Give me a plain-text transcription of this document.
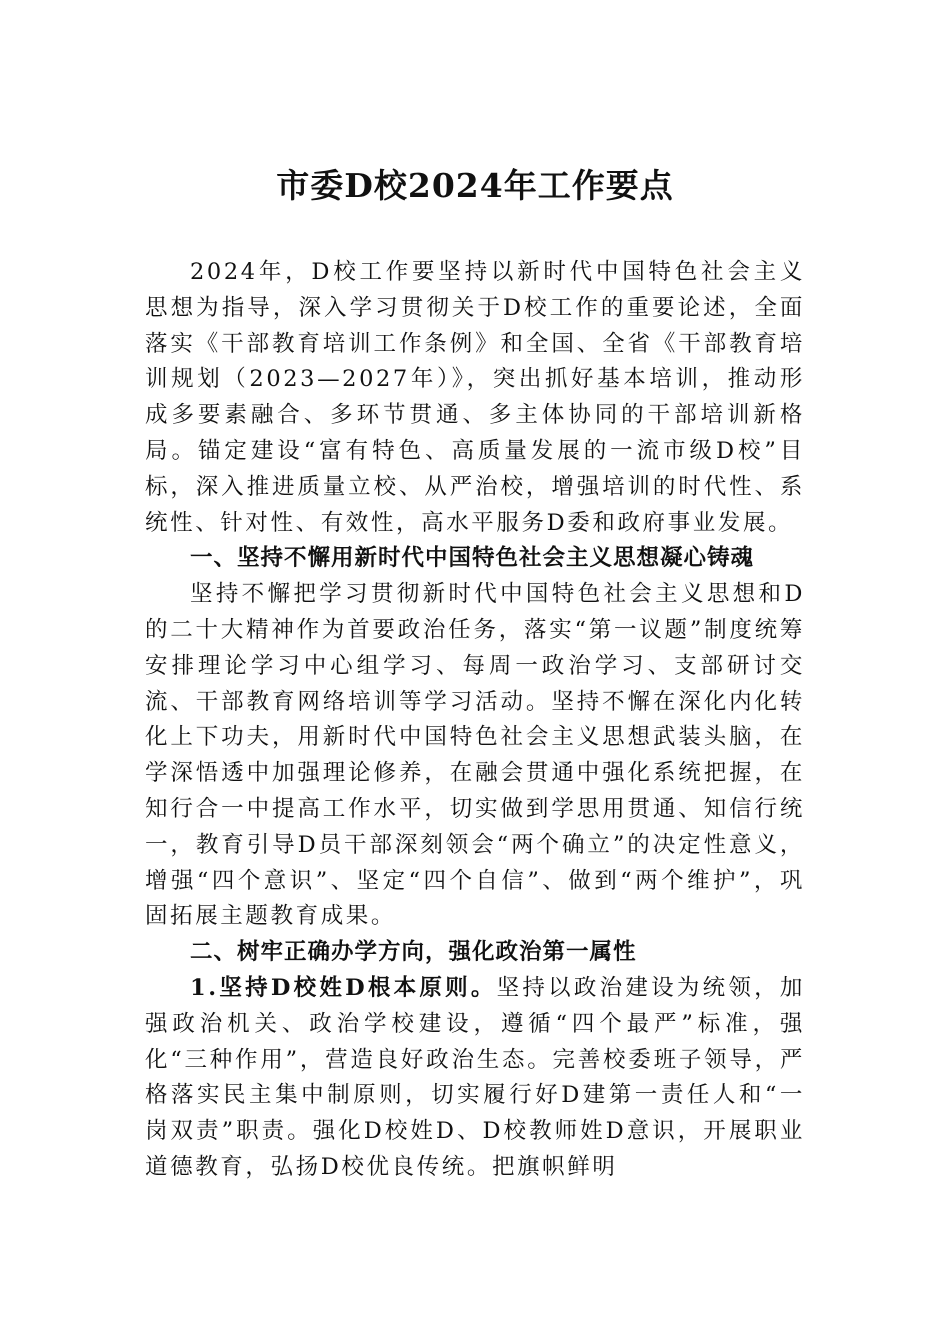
市委D校2024年工作要点

2024年，D校工作要坚持以新时代中国特色社会主义思想为指导，深入学习贯彻关于D校工作的重要论述，全面落实《干部教育培训工作条例》和全国、全省《干部教育培训规划（2023—2027年）》，突出抓好基本培训，推动形成多要素融合、多环节贯通、多主体协同的干部培训新格局。锚定建设“富有特色、高质量发展的一流市级D校”目标，深入推进质量立校、从严治校，增强培训的时代性、系统性、针对性、有效性，高水平服务D委和政府事业发展。

一、坚持不懈用新时代中国特色社会主义思想凝心铸魂

坚持不懈把学习贯彻新时代中国特色社会主义思想和D的二十大精神作为首要政治任务，落实“第一议题”制度统筹安排理论学习中心组学习、每周一政治学习、支部研讨交流、干部教育网络培训等学习活动。坚持不懈在深化内化转化上下功夫，用新时代中国特色社会主义思想武装头脑，在学深悟透中加强理论修养，在融会贯通中强化系统把握，在知行合一中提高工作水平，切实做到学思用贯通、知信行统一，教育引导D员干部深刻领会“两个确立”的决定性意义，增强“四个意识”、坚定“四个自信”、做到“两个维护”，巩固拓展主题教育成果。

二、树牢正确办学方向，强化政治第一属性

1.坚持D校姓D根本原则。坚持以政治建设为统领，加强政治机关、政治学校建设，遵循“四个最严”标准，强化“三种作用”，营造良好政治生态。完善校委班子领导，严格落实民主集中制原则，切实履行好D建第一责任人和“一岗双责”职责。强化D校姓D、D校教师姓D意识，开展职业道德教育，弘扬D校优良传统。把旗帜鲜明
